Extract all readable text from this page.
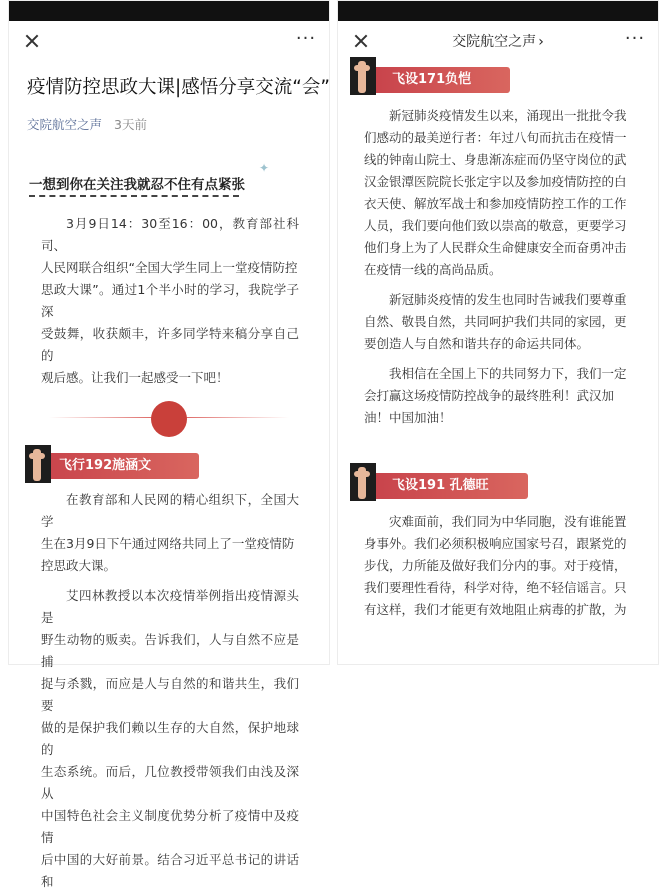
···
疫情防控思政大课|感悟分享交流“会”
交院航空之声 3天前
一想到你在关注我就忍不住有点紧张
✦
3月9日14：30至16：00，教育部社科司、
人民网联合组织“全国大学生同上一堂疫情防控
思政大课”。通过1个半小时的学习，我院学子深
受鼓舞，收获颇丰，许多同学特来稿分享自己的
观后感。让我们一起感受一下吧！
飞行192施涵文
在教育部和人民网的精心组织下，全国大学
生在3月9日下午通过网络共同上了一堂疫情防
控思政大课。
艾四林教授以本次疫情举例指出疫情源头是
野生动物的贩卖。告诉我们，人与自然不应是捕
捉与杀戮，而应是人与自然的和谐共生，我们要
做的是保护我们赖以生存的大自然，保护地球的
生态系统。而后，几位教授带领我们由浅及深从
中国特色社会主义制度优势分析了疫情中及疫情
后中国的大好前景。结合习近平总书记的讲话和
交院航空之声 ›	···
飞设171负恺
新冠肺炎疫情发生以来，涌现出一批批令我
们感动的最美逆行者：年过八旬而抗击在疫情一
线的钟南山院士、身患渐冻症而仍坚守岗位的武
汉金银潭医院院长张定宇以及参加疫情防控的白
衣天使、解放军战士和参加疫情防控工作的工作
人员，我们要向他们致以崇高的敬意，更要学习
他们身上为了人民群众生命健康安全而奋勇冲击
在疫情一线的高尚品质。
新冠肺炎疫情的发生也同时告诫我们要尊重
自然、敬畏自然，共同呵护我们共同的家园，更
要创造人与自然和谐共存的命运共同体。
我相信在全国上下的共同努力下，我们一定
会打赢这场疫情防控战争的最终胜利！武汉加
油！中国加油！
飞设191 孔德旺
灾难面前，我们同为中华同胞，没有谁能置
身事外。我们必须积极响应国家号召，跟紧党的
步伐，力所能及做好我们分内的事。对于疫情，
我们要理性看待，科学对待，绝不轻信谣言。只
有这样，我们才能更有效地阻止病毒的扩散，为
